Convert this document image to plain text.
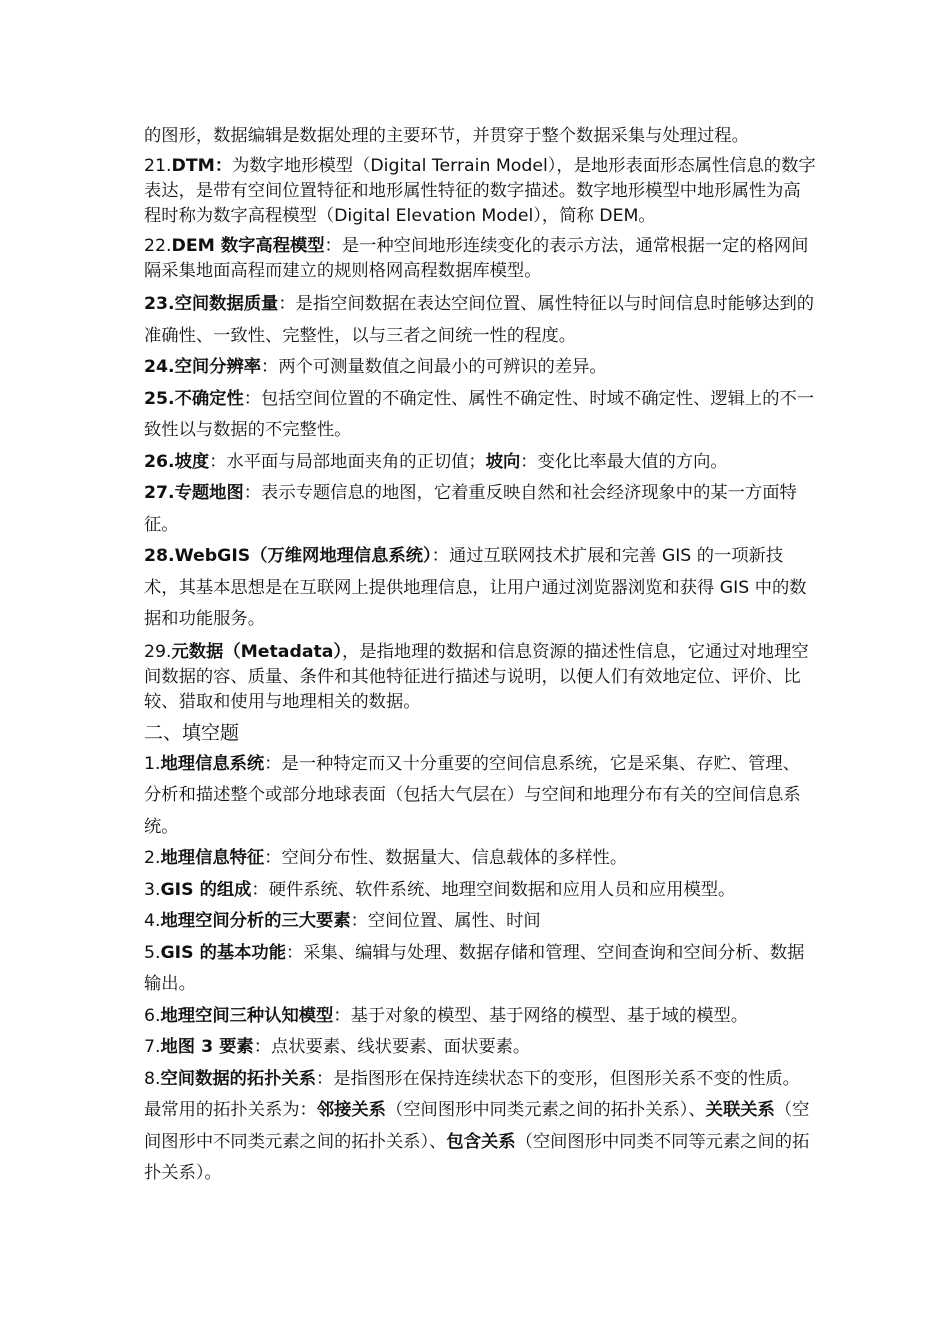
的图形，数据编辑是数据处理的主要环节，并贯穿于整个数据采集与处理过程。

21.DTM：为数字地形模型（Digital Terrain Model），是地形表面形态属性信息的数字表达，是带有空间位置特征和地形属性特征的数字描述。数字地形模型中地形属性为高程时称为数字高程模型（Digital Elevation Model），简称 DEM。

22.DEM 数字高程模型：是一种空间地形连续变化的表示方法，通常根据一定的格网间隔采集地面高程而建立的规则格网高程数据库模型。

23.空间数据质量：是指空间数据在表达空间位置、属性特征以与时间信息时能够达到的准确性、一致性、完整性，以与三者之间统一性的程度。

24.空间分辨率：两个可测量数值之间最小的可辨识的差异。

25.不确定性：包括空间位置的不确定性、属性不确定性、时域不确定性、逻辑上的不一致性以与数据的不完整性。

26.坡度：水平面与局部地面夹角的正切值；坡向：变化比率最大值的方向。

27.专题地图：表示专题信息的地图，它着重反映自然和社会经济现象中的某一方面特征。

28.WebGIS（万维网地理信息系统）：通过互联网技术扩展和完善 GIS 的一项新技术，其基本思想是在互联网上提供地理信息，让用户通过浏览器浏览和获得 GIS 中的数据和功能服务。

29.元数据（Metadata），是指地理的数据和信息资源的描述性信息，它通过对地理空间数据的容、质量、条件和其他特征进行描述与说明，以便人们有效地定位、评价、比较、猎取和使用与地理相关的数据。

二、填空题

1.地理信息系统：是一种特定而又十分重要的空间信息系统，它是采集、存贮、管理、分析和描述整个或部分地球表面（包括大气层在）与空间和地理分布有关的空间信息系统。

2.地理信息特征：空间分布性、数据量大、信息载体的多样性。

3.GIS 的组成：硬件系统、软件系统、地理空间数据和应用人员和应用模型。

4.地理空间分析的三大要素：空间位置、属性、时间

5.GIS 的基本功能：采集、编辑与处理、数据存储和管理、空间查询和空间分析、数据输出。

6.地理空间三种认知模型：基于对象的模型、基于网络的模型、基于域的模型。

7.地图 3 要素：点状要素、线状要素、面状要素。

8.空间数据的拓扑关系：是指图形在保持连续状态下的变形，但图形关系不变的性质。最常用的拓扑关系为：邻接关系（空间图形中同类元素之间的拓扑关系）、关联关系（空间图形中不同类元素之间的拓扑关系）、包含关系（空间图形中同类不同等元素之间的拓扑关系）。
